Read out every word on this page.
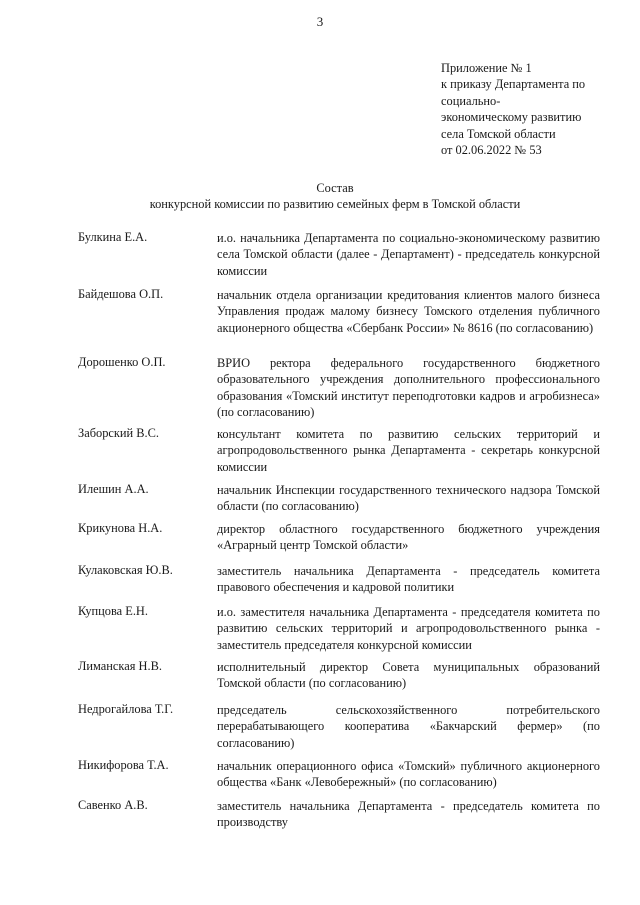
3
Приложение № 1
к приказу Департамента по
социально-
экономическому развитию
села Томской области
от 02.06.2022 № 53
Состав
конкурсной комиссии по развитию семейных ферм в Томской области
Булкина Е.А.	и.о. начальника Департамента по социально-экономическому развитию села Томской области (далее - Департамент) - председатель конкурсной комиссии
Байдешова О.П.	начальник отдела организации кредитования клиентов малого бизнеса Управления продаж малому бизнесу Томского отделения публичного акционерного общества «Сбербанк России» № 8616 (по согласованию)
Дорошенко О.П.	ВРИО ректора федерального государственного бюджетного образовательного учреждения дополнительного профессионального образования «Томский институт переподготовки кадров и агробизнеса» (по согласованию)
Заборский В.С.	консультант комитета по развитию сельских территорий и агропродовольственного рынка Департамента - секретарь конкурсной комиссии
Илешин А.А.	начальник Инспекции государственного технического надзора Томской области (по согласованию)
Крикунова Н.А.	директор областного государственного бюджетного учреждения «Аграрный центр Томской области»
Кулаковская Ю.В.	заместитель начальника Департамента - председатель комитета правового обеспечения и кадровой политики
Купцова Е.Н.	и.о. заместителя начальника Департамента - председателя комитета по развитию сельских территорий и агропродовольственного рынка - заместитель председателя конкурсной комиссии
Лиманская Н.В.	исполнительный директор Совета муниципальных образований Томской области (по согласованию)
Недрогайлова Т.Г.	председатель сельскохозяйственного потребительского перерабатывающего кооператива «Бакчарский фермер» (по согласованию)
Никифорова Т.А.	начальник операционного офиса «Томский» публичного акционерного общества «Банк «Левобережный» (по согласованию)
Савенко А.В.	заместитель начальника Департамента - председатель комитета по производству
